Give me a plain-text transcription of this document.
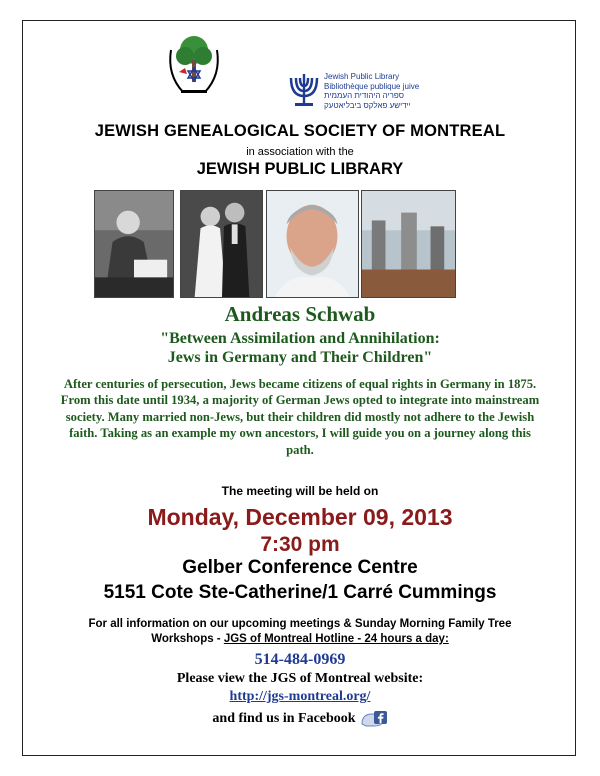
Jewish Public Library
Bibliothèque publique juive
ספריה היהודית העממית
יידישע פאלקס ביבליאטעק
JEWISH GENEALOGICAL SOCIETY OF MONTREAL
in association with the
JEWISH PUBLIC LIBRARY
Andreas Schwab
"Between Assimilation and Annihilation:
Jews in Germany and Their Children"
After centuries of persecution, Jews became citizens of equal rights in Germany in 1875. From this date until 1934, a majority of German Jews opted to integrate into mainstream society. Many married non-Jews, but their children did mostly not adhere to the Jewish faith. Taking as an example my own ancestors, I will guide you on a journey along this path.
The meeting will be held on
Monday, December 09, 2013
7:30 pm
Gelber Conference Centre
5151 Cote Ste-Catherine/1 Carré Cummings
For all information on our upcoming meetings & Sunday Morning Family Tree Workshops - JGS of Montreal Hotline - 24 hours a day:
514-484-0969
Please view the JGS of Montreal website:
http://jgs-montreal.org/
and find us in Facebook
